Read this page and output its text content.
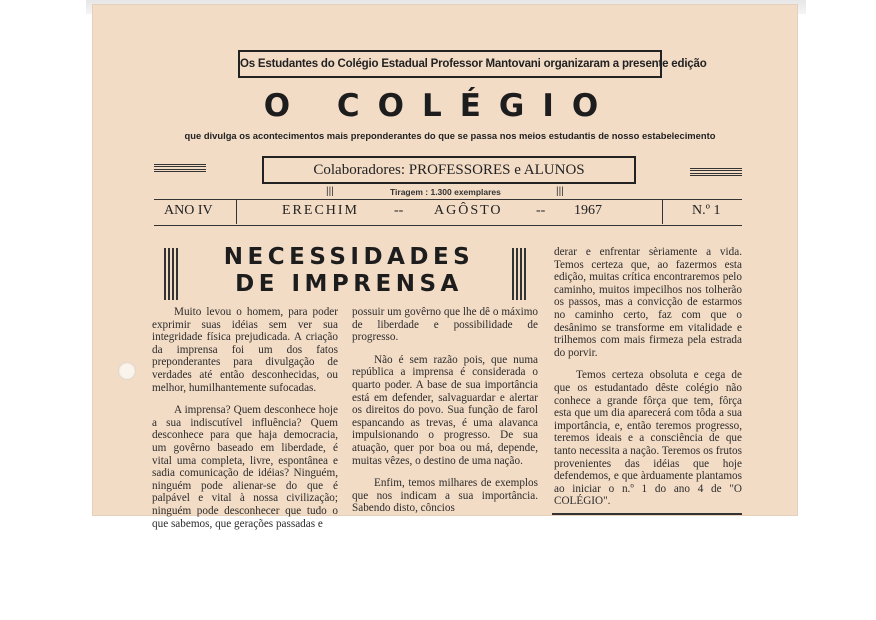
Os Estudantes do Colégio Estadual Professor Mantovani organizaram a presente edição
O COLÉGIO
que divulga os acontecimentos mais preponderantes do que se passa nos meios estudantis de nosso estabelecimento
Colaboradores: PROFESSORES e ALUNOS
|||	|||
Tiragem : 1.300 exemplares
ANO IV	ERECHIM	-- AGÔSTO -- 1967	N.º 1
NECESSIDADES
DE IMPRENSA

Muito levou o homem, para poder exprimir suas idéias sem ver sua integridade física prejudicada. A criação da imprensa foi um dos fatos preponderantes para divulgação de verdades até então desconhecidas, ou melhor, humilhantemente sufocadas.

A imprensa? Quem desconhece hoje a sua indiscutível influência? Quem desconhece para que haja democracia, um govêrno baseado em liberdade, é vital uma completa, livre, espontânea e sadia comunicação de idéias? Ninguém, ninguém pode alienar-se do que é palpável e vital à nossa civilização; ninguém pode desconhecer que tudo o que sabemos, que gerações passadas e

possuir um govêrno que lhe dê o máximo de liberdade e possibilidade de progresso.

Não é sem razão pois, que numa república a imprensa é considerada o quarto poder. A base de sua importância está em defender, salvaguardar e alertar os direitos do povo. Sua função de farol espancando as trevas, é uma alavanca impulsionando o progresso. De sua atuação, quer por boa ou má, depende, muitas vêzes, o destino de uma nação.

Enfim, temos milhares de exemplos que nos indicam a sua importância. Sabendo disto, côncios

derar e enfrentar sèriamente a vida. Temos certeza que, ao fazermos esta edição, muitas crítica encontraremos pelo caminho, muitos impecilhos nos tolherão os passos, mas a convicção de estarmos no caminho certo, faz com que o desânimo se transforme em vitalidade e trilhemos com mais firmeza pela estrada do porvir.

Temos certeza obsoluta e cega de que os estudantado dêste colégio não conhece a grande fôrça que tem, fôrça esta que um dia aparecerá com tôda a sua importância, e, então teremos progresso, teremos ideais e a consciência de que tanto necessita a nação. Teremos os frutos provenientes das idéias que hoje defendemos, e que àrduamente plantamos ao iniciar o n.º 1 do ano 4 de "O COLÉGIO".
